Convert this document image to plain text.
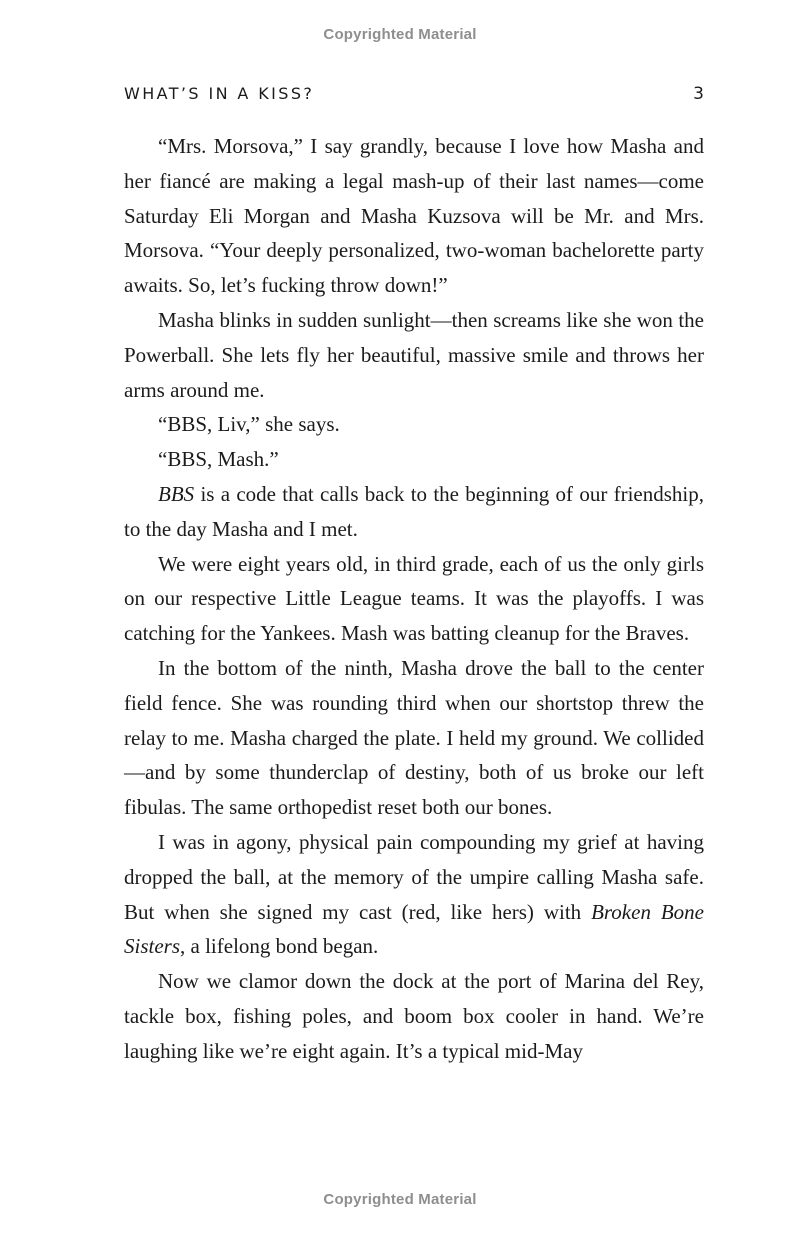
Copyrighted Material
WHAT’S IN A KISS?	3

“Mrs. Morsova,” I say grandly, because I love how Masha and her fiancé are making a legal mash-up of their last names—come Saturday Eli Morgan and Masha Kuzsova will be Mr. and Mrs. Morsova. “Your deeply personalized, two-woman bachelorette party awaits. So, let’s fucking throw down!”

Masha blinks in sudden sunlight—then screams like she won the Powerball. She lets fly her beautiful, massive smile and throws her arms around me.

“BBS, Liv,” she says.

“BBS, Mash.”

BBS is a code that calls back to the beginning of our friendship, to the day Masha and I met.

We were eight years old, in third grade, each of us the only girls on our respective Little League teams. It was the playoffs. I was catching for the Yankees. Mash was batting cleanup for the Braves.

In the bottom of the ninth, Masha drove the ball to the center field fence. She was rounding third when our shortstop threw the relay to me. Masha charged the plate. I held my ground. We collided—and by some thunderclap of destiny, both of us broke our left fibulas. The same orthopedist reset both our bones.

I was in agony, physical pain compounding my grief at having dropped the ball, at the memory of the umpire calling Masha safe. But when she signed my cast (red, like hers) with Broken Bone Sisters, a lifelong bond began.

Now we clamor down the dock at the port of Marina del Rey, tackle box, fishing poles, and boom box cooler in hand. We’re laughing like we’re eight again. It’s a typical mid-May

Copyrighted Material
